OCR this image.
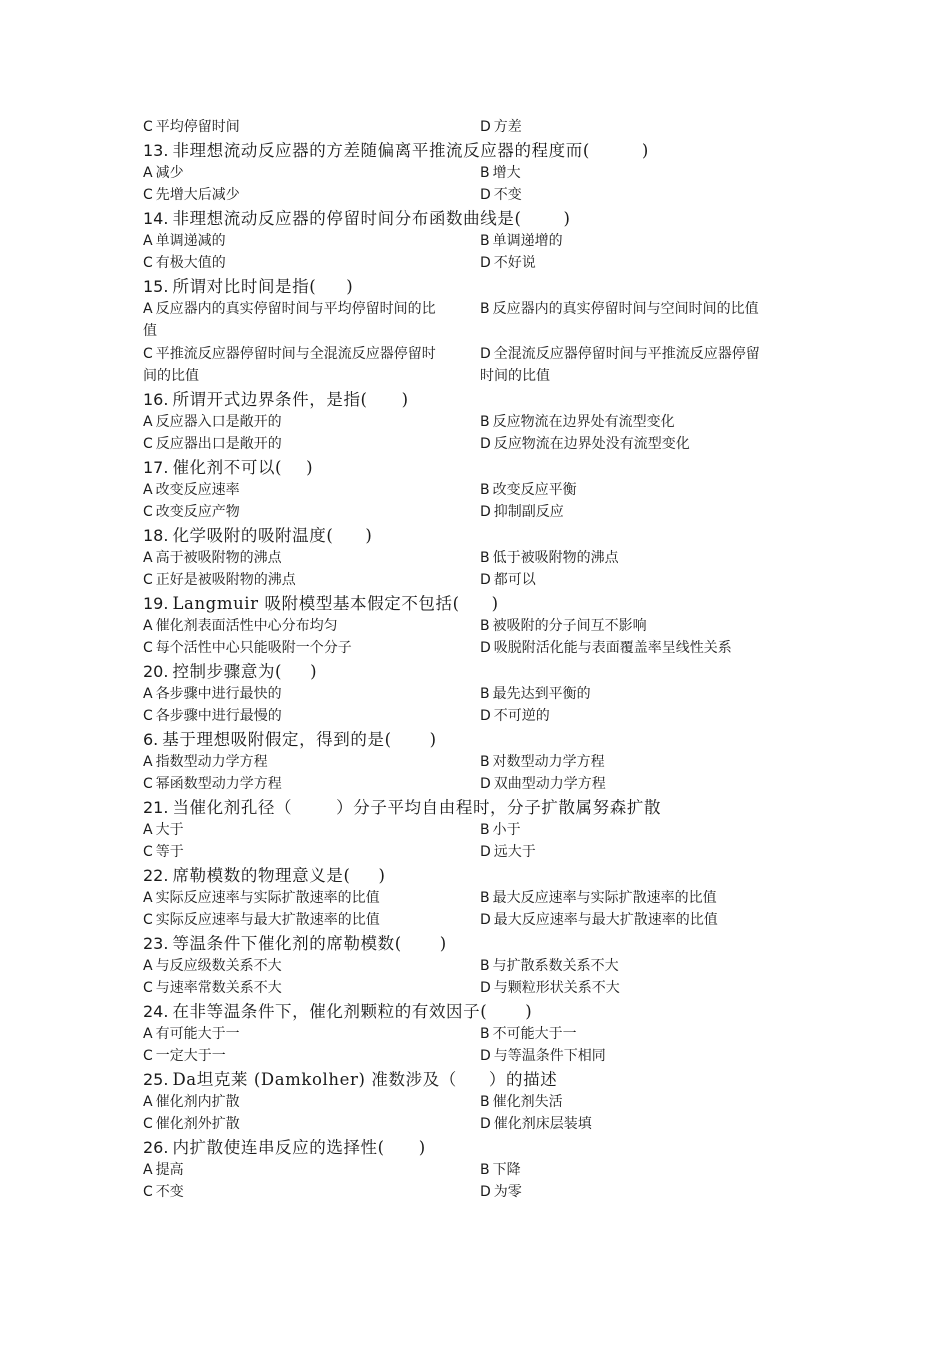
C 平均停留时间	D 方差
13. 非理想流动反应器的方差随偏离平推流反应器的程度而(	)
A 减少	B 增大
C 先增大后减少	D 不变
14. 非理想流动反应器的停留时间分布函数曲线是(	)
A 单调递减的	B 单调递增的
C 有极大值的	D 不好说
15. 所谓对比时间是指( )
A 反应器内的真实停留时间与平均停留时间的比值
B 反应器内的真实停留时间与空间时间的比值
C 平推流反应器停留时间与全混流反应器停留时间的比值
D 全混流反应器停留时间与平推流反应器停留时间的比值
16. 所谓开式边界条件，是指( )
A 反应器入口是敞开的	B 反应物流在边界处有流型变化
C 反应器出口是敞开的	D 反应物流在边界处没有流型变化
17. 催化剂不可以( )
A 改变反应速率	B 改变反应平衡
C 改变反应产物	D 抑制副反应
18. 化学吸附的吸附温度( )
A 高于被吸附物的沸点	B 低于被吸附物的沸点
C 正好是被吸附物的沸点	D 都可以
19. Langmuir 吸附模型基本假定不包括( )
A 催化剂表面活性中心分布均匀	B 被吸附的分子间互不影响
C 每个活性中心只能吸附一个分子	D 吸脱附活化能与表面覆盖率呈线性关系
20. 控制步骤意为( )
A 各步骤中进行最快的	B 最先达到平衡的
C 各步骤中进行最慢的	D 不可逆的
6. 基于理想吸附假定，得到的是( )
A 指数型动力学方程	B 对数型动力学方程
C 幂函数型动力学方程	D 双曲型动力学方程
21. 当催化剂孔径（	）分子平均自由程时，分子扩散属努森扩散
A 大于	B 小于
C 等于	D 远大于
22. 席勒模数的物理意义是( )
A 实际反应速率与实际扩散速率的比值	B 最大反应速率与实际扩散速率的比值
C 实际反应速率与最大扩散速率的比值	D 最大反应速率与最大扩散速率的比值
23. 等温条件下催化剂的席勒模数( )
A 与反应级数关系不大	B 与扩散系数关系不大
C 与速率常数关系不大	D 与颗粒形状关系不大
24. 在非等温条件下，催化剂颗粒的有效因子( )
A 有可能大于一	B 不可能大于一
C 一定大于一	D 与等温条件下相同
25. Da坦克莱 (Damkolher) 准数涉及（ ）的描述
A 催化剂内扩散	B 催化剂失活
C 催化剂外扩散	D 催化剂床层装填
26. 内扩散使连串反应的选择性( )
A 提高	B 下降
C 不变	D 为零
